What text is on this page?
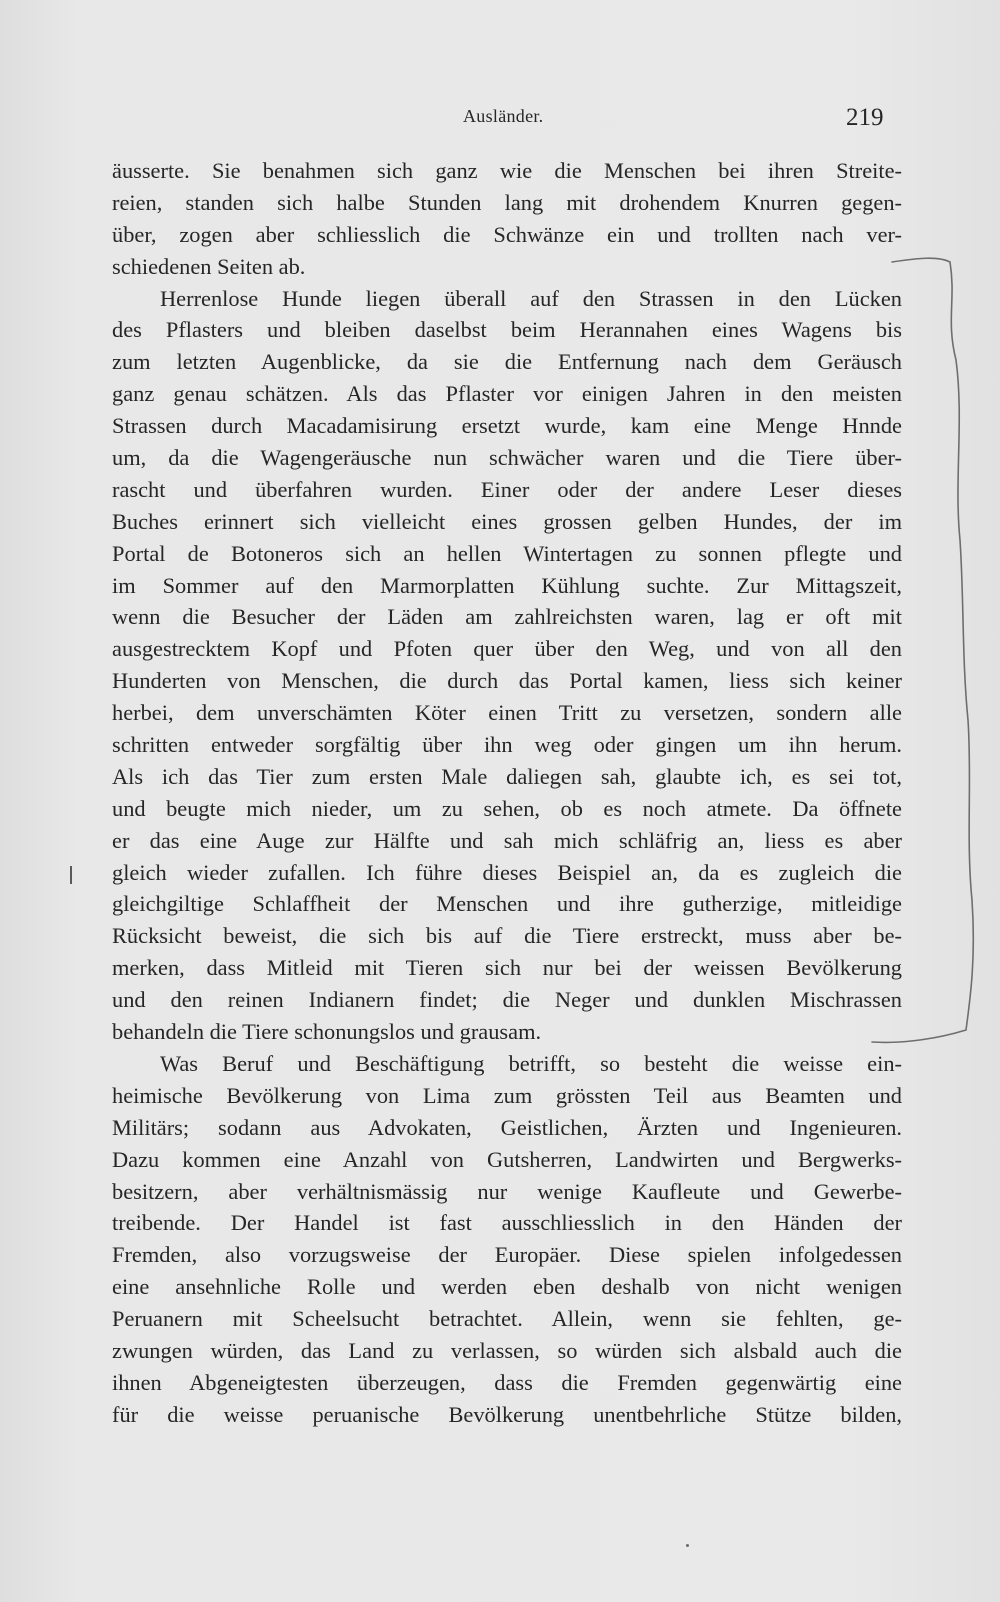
Ausländer.	219
äusserte. Sie benahmen sich ganz wie die Menschen bei ihren Streite-
reien, standen sich halbe Stunden lang mit drohendem Knurren gegen-
über, zogen aber schliesslich die Schwänze ein und trollten nach ver-
schiedenen Seiten ab.
Herrenlose Hunde liegen überall auf den Strassen in den Lücken
des Pflasters und bleiben daselbst beim Herannahen eines Wagens bis
zum letzten Augenblicke, da sie die Entfernung nach dem Geräusch
ganz genau schätzen. Als das Pflaster vor einigen Jahren in den meisten
Strassen durch Macadamisirung ersetzt wurde, kam eine Menge Hnnde
um, da die Wagengeräusche nun schwächer waren und die Tiere über-
rascht und überfahren wurden. Einer oder der andere Leser dieses
Buches erinnert sich vielleicht eines grossen gelben Hundes, der im
Portal de Botoneros sich an hellen Wintertagen zu sonnen pflegte und
im Sommer auf den Marmorplatten Kühlung suchte. Zur Mittagszeit,
wenn die Besucher der Läden am zahlreichsten waren, lag er oft mit
ausgestrecktem Kopf und Pfoten quer über den Weg, und von all den
Hunderten von Menschen, die durch das Portal kamen, liess sich keiner
herbei, dem unverschämten Köter einen Tritt zu versetzen, sondern alle
schritten entweder sorgfältig über ihn weg oder gingen um ihn herum.
Als ich das Tier zum ersten Male daliegen sah, glaubte ich, es sei tot,
und beugte mich nieder, um zu sehen, ob es noch atmete. Da öffnete
er das eine Auge zur Hälfte und sah mich schläfrig an, liess es aber
gleich wieder zufallen. Ich führe dieses Beispiel an, da es zugleich die
gleichgiltige Schlaffheit der Menschen und ihre gutherzige, mitleidige
Rücksicht beweist, die sich bis auf die Tiere erstreckt, muss aber be-
merken, dass Mitleid mit Tieren sich nur bei der weissen Bevölkerung
und den reinen Indianern findet; die Neger und dunklen Mischrassen
behandeln die Tiere schonungslos und grausam.
Was Beruf und Beschäftigung betrifft, so besteht die weisse ein-
heimische Bevölkerung von Lima zum grössten Teil aus Beamten und
Militärs; sodann aus Advokaten, Geistlichen, Ärzten und Ingenieuren.
Dazu kommen eine Anzahl von Gutsherren, Landwirten und Bergwerks-
besitzern, aber verhältnismässig nur wenige Kaufleute und Gewerbe-
treibende. Der Handel ist fast ausschliesslich in den Händen der
Fremden, also vorzugsweise der Europäer. Diese spielen infolgedessen
eine ansehnliche Rolle und werden eben deshalb von nicht wenigen
Peruanern mit Scheelsucht betrachtet. Allein, wenn sie fehlten, ge-
zwungen würden, das Land zu verlassen, so würden sich alsbald auch die
ihnen Abgeneigtesten überzeugen, dass die Fremden gegenwärtig eine
für die weisse peruanische Bevölkerung unentbehrliche Stütze bilden,
